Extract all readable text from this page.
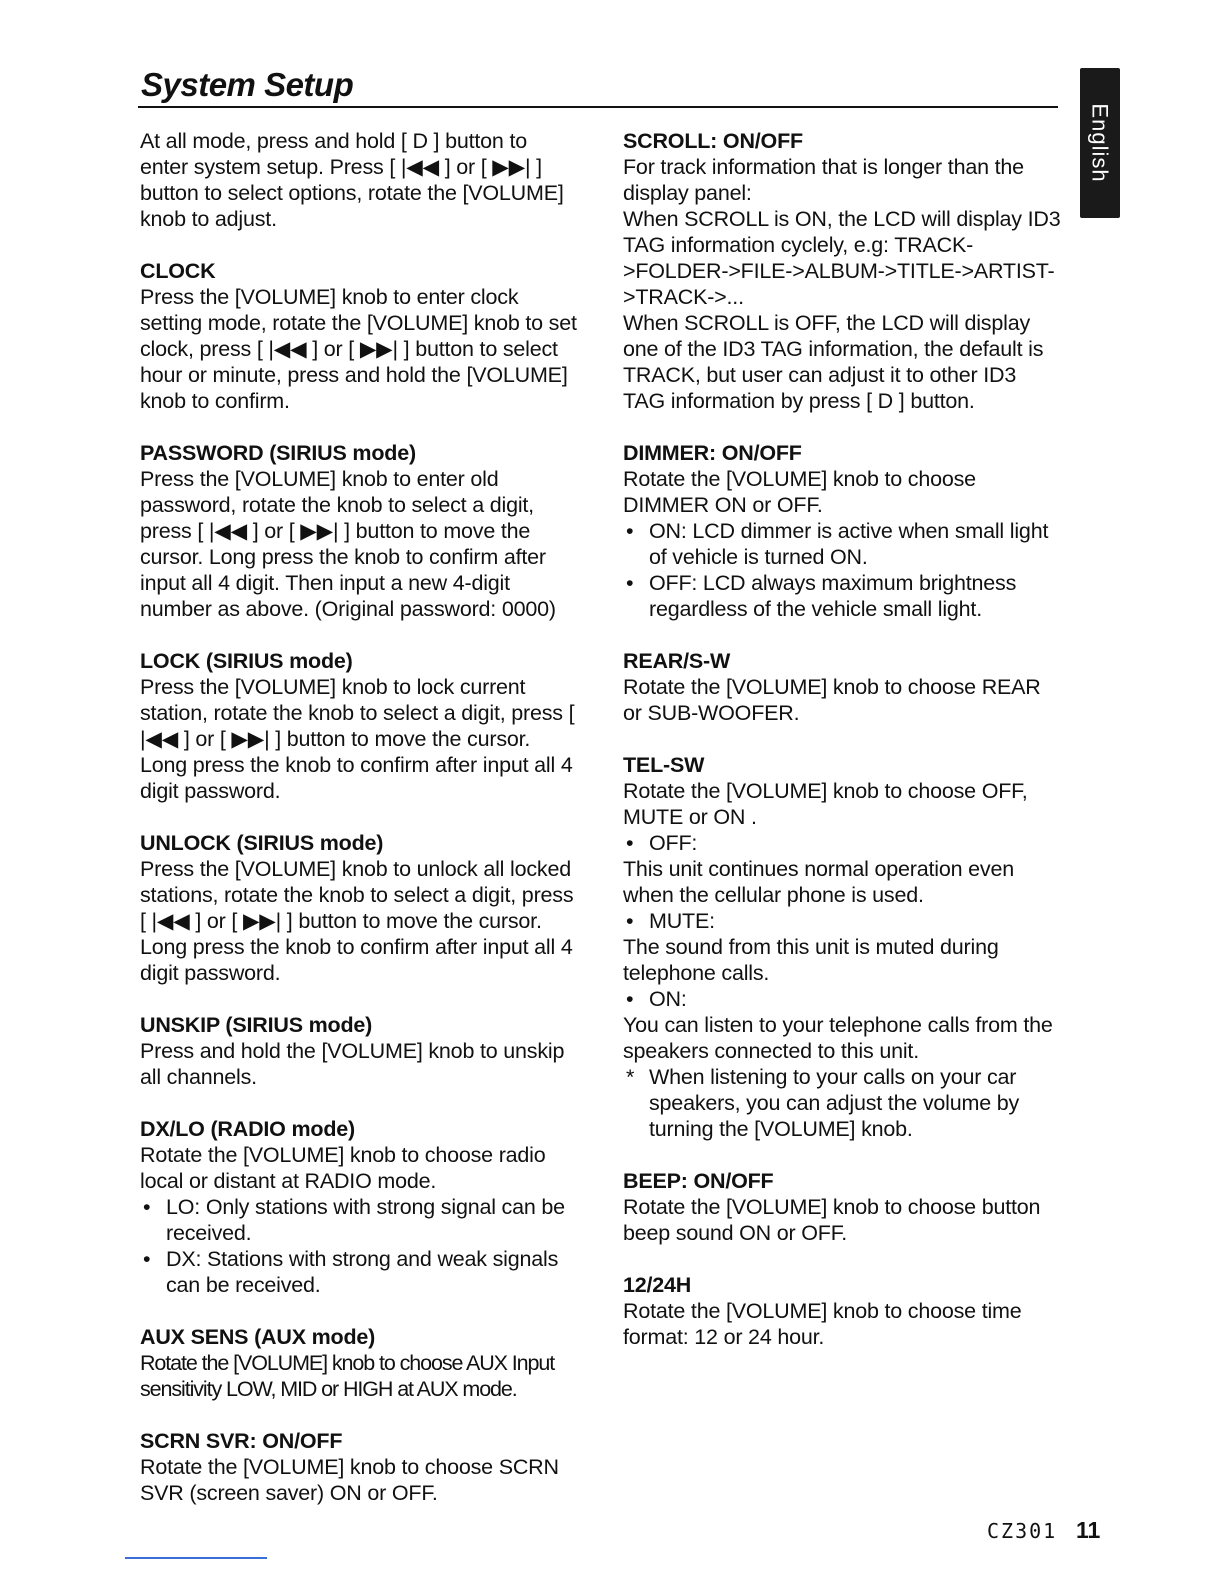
System Setup
English

At all mode, press and hold [ D ] button to enter system setup. Press [ |◀◀ ] or [ ▶▶| ] button to select options, rotate the [VOLUME] knob to adjust.

CLOCK

Press the [VOLUME] knob to enter clock setting mode, rotate the [VOLUME] knob to set clock, press [ |◀◀ ] or [ ▶▶| ] button to select hour or minute, press and hold the [VOLUME] knob to confirm.

PASSWORD (SIRIUS mode)

Press the [VOLUME] knob to enter old password, rotate the knob to select a digit, press [ |◀◀ ] or [ ▶▶| ] button to move the cursor. Long press the knob to confirm after input all 4 digit. Then input a new 4-digit number as above. (Original password: 0000)

LOCK (SIRIUS mode)

Press the [VOLUME] knob to lock current station, rotate the knob to select a digit, press [ |◀◀ ] or [ ▶▶| ] button to move the cursor. Long press the knob to confirm after input all 4 digit password.

UNLOCK (SIRIUS mode)

Press the [VOLUME] knob to unlock all locked stations, rotate the knob to select a digit, press [ |◀◀ ] or [ ▶▶| ] button to move the cursor. Long press the knob to confirm after input all 4 digit password.

UNSKIP (SIRIUS mode)

Press and hold the [VOLUME] knob to unskip all channels.

DX/LO (RADIO mode)

Rotate the [VOLUME] knob to choose radio local or distant at RADIO mode.

• LO: Only stations with strong signal can be received.
• DX: Stations with strong and weak signals can be received.
AUX SENS (AUX mode)

Rotate the [VOLUME] knob to choose AUX Input sensitivity LOW, MID or HIGH at AUX mode.

SCRN SVR: ON/OFF

Rotate the [VOLUME] knob to choose SCRN SVR (screen saver) ON or OFF.

SCROLL: ON/OFF

For track information that is longer than the display panel:

When SCROLL is ON, the LCD will display ID3 TAG information cyclely, e.g: TRACK->FOLDER->FILE->ALBUM->TITLE->ARTIST->TRACK->...

When SCROLL is OFF, the LCD will display one of the ID3 TAG information, the default is TRACK, but user can adjust it to other ID3 TAG information by press [ D ] button.

DIMMER: ON/OFF

Rotate the [VOLUME] knob to choose DIMMER ON or OFF.

• ON: LCD dimmer is active when small light of vehicle is turned ON.
• OFF: LCD always maximum brightness regardless of the vehicle small light.
REAR/S-W

Rotate the [VOLUME] knob to choose REAR or SUB-WOOFER.

TEL-SW

Rotate the [VOLUME] knob to choose OFF, MUTE or ON .

• OFF:

This unit continues normal operation even when the cellular phone is used.

• MUTE:

The sound from this unit is muted during telephone calls.

• ON:

You can listen to your telephone calls from the speakers connected to this unit.

* When listening to your calls on your car speakers, you can adjust the volume by turning the [VOLUME] knob.
BEEP: ON/OFF

Rotate the [VOLUME] knob to choose button beep sound ON or OFF.

12/24H

Rotate the [VOLUME] knob to choose time format: 12 or 24 hour.

CZ301 11
